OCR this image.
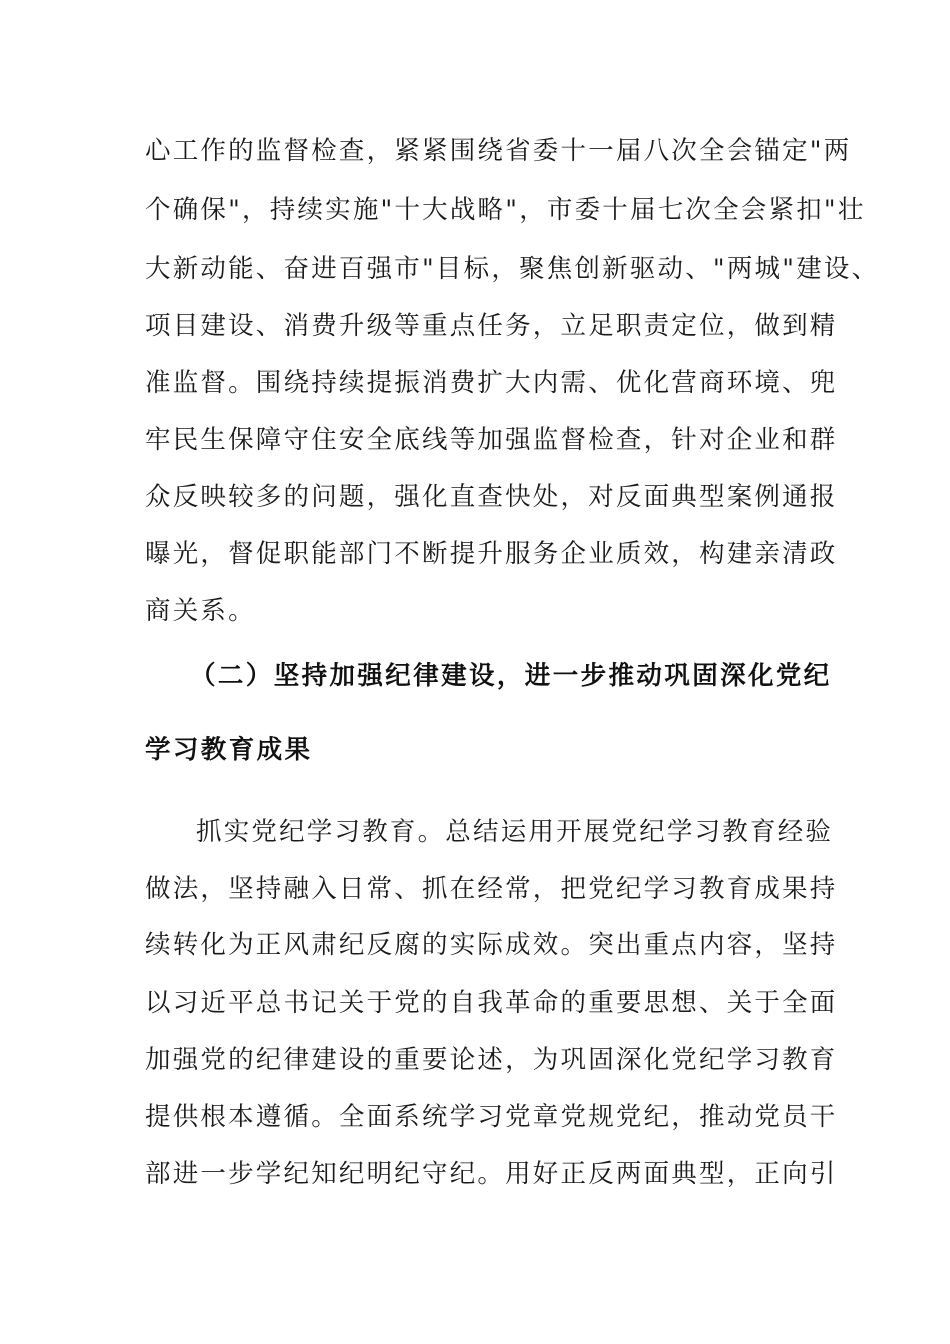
心工作的监督检查，紧紧围绕省委十一届八次全会锚定"两
个确保"，持续实施"十大战略"，市委十届七次全会紧扣"壮
大新动能、奋进百强市"目标，聚焦创新驱动、"两城"建设、
项目建设、消费升级等重点任务，立足职责定位，做到精
准监督。围绕持续提振消费扩大内需、优化营商环境、兜
牢民生保障守住安全底线等加强监督检查，针对企业和群
众反映较多的问题，强化直查快处，对反面典型案例通报
曝光，督促职能部门不断提升服务企业质效，构建亲清政
商关系。
（二）坚持加强纪律建设，进一步推动巩固深化党纪
学习教育成果
抓实党纪学习教育。总结运用开展党纪学习教育经验
做法，坚持融入日常、抓在经常，把党纪学习教育成果持
续转化为正风肃纪反腐的实际成效。突出重点内容，坚持
以习近平总书记关于党的自我革命的重要思想、关于全面
加强党的纪律建设的重要论述，为巩固深化党纪学习教育
提供根本遵循。全面系统学习党章党规党纪，推动党员干
部进一步学纪知纪明纪守纪。用好正反两面典型，正向引
